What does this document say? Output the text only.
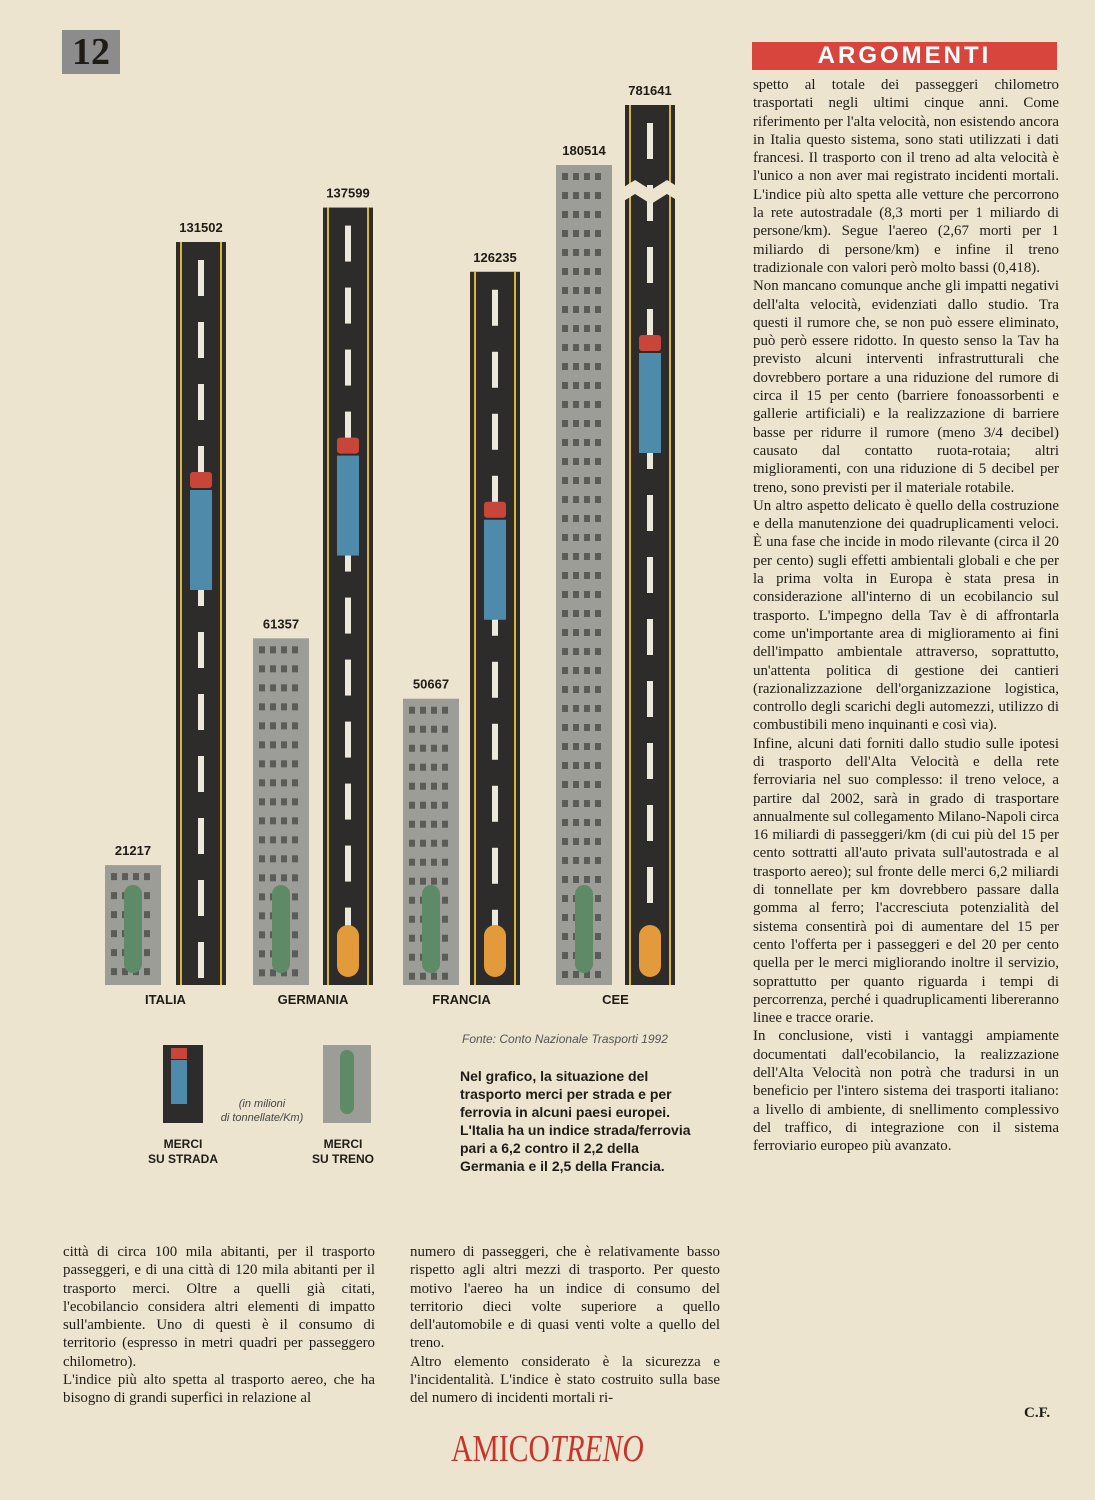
12	ARGOMENTI
21217
131502
ITALIA
61357
137599
GERMANIA
50667
126235
FRANCIA
180514
781641
CEE
MERCI
SU STRADA
MERCI
SU TRENO
(in milioni
di tonnellate/Km)
Fonte: Conto Nazionale Trasporti 1992
Nel grafico, la situazione del trasporto merci per strada e per ferrovia in alcuni paesi europei. L'Italia ha un indice strada/ferrovia pari a 6,2 contro il 2,2 della Germania e il 2,5 della Francia.

spetto al totale dei passeggeri chilometro trasportati negli ultimi cinque anni. Come riferimento per l'alta velocità, non esistendo ancora in Italia questo sistema, sono stati utilizzati i dati francesi. Il trasporto con il treno ad alta velocità è l'unico a non aver mai registrato incidenti mortali. L'indice più alto spetta alle vetture che percorrono la rete autostradale (8,3 morti per 1 miliardo di persone/km). Segue l'aereo (2,67 morti per 1 miliardo di persone/km) e infine il treno tradizionale con valori però molto bassi (0,418).

Non mancano comunque anche gli impatti negativi dell'alta velocità, evidenziati dallo studio. Tra questi il rumore che, se non può essere eliminato, può però essere ridotto. In questo senso la Tav ha previsto alcuni interventi infrastrutturali che dovrebbero portare a una riduzione del rumore di circa il 15 per cento (barriere fonoassorbenti e gallerie artificiali) e la realizzazione di barriere basse per ridurre il rumore (meno 3/4 decibel) causato dal contatto ruota-rotaia; altri miglioramenti, con una riduzione di 5 decibel per treno, sono previsti per il materiale rotabile.

Un altro aspetto delicato è quello della costruzione e della manutenzione dei quadruplicamenti veloci. È una fase che incide in modo rilevante (circa il 20 per cento) sugli effetti ambientali globali e che per la prima volta in Europa è stata presa in considerazione all'interno di un ecobilancio sul trasporto. L'impegno della Tav è di affrontarla come un'importante area di miglioramento ai fini dell'impatto ambientale attraverso, soprattutto, un'attenta politica di gestione dei cantieri (razionalizzazione dell'organizzazione logistica, controllo degli scarichi degli automezzi, utilizzo di combustibili meno inquinanti e così via).

Infine, alcuni dati forniti dallo studio sulle ipotesi di trasporto dell'Alta Velocità e della rete ferroviaria nel suo complesso: il treno veloce, a partire dal 2002, sarà in grado di trasportare annualmente sul collegamento Milano-Napoli circa 16 miliardi di passeggeri/km (di cui più del 15 per cento sottratti all'auto privata sull'autostrada e al trasporto aereo); sul fronte delle merci 6,2 miliardi di tonnellate per km dovrebbero passare dalla gomma al ferro; l'accresciuta potenzialità del sistema consentirà poi di aumentare del 15 per cento l'offerta per i passeggeri e del 20 per cento quella per le merci migliorando inoltre il servizio, soprattutto per quanto riguarda i tempi di percorrenza, perché i quadruplicamenti libereranno linee e tracce orarie.

In conclusione, visti i vantaggi ampiamente documentati dall'ecobilancio, la realizzazione dell'Alta Velocità non potrà che tradursi in un beneficio per l'intero sistema dei trasporti italiano: a livello di ambiente, di snellimento complessivo del traffico, di integrazione con il sistema ferroviario europeo più avanzato.

città di circa 100 mila abitanti, per il trasporto passeggeri, e di una città di 120 mila abitanti per il trasporto merci. Oltre a quelli già citati, l'ecobilancio considera altri elementi di impatto sull'ambiente. Uno di questi è il consumo di territorio (espresso in metri quadri per passeggero chilometro).

L'indice più alto spetta al trasporto aereo, che ha bisogno di grandi superfici in relazione al

numero di passeggeri, che è relativamente basso rispetto agli altri mezzi di trasporto. Per questo motivo l'aereo ha un indice di consumo del territorio dieci volte superiore a quello dell'automobile e di quasi venti volte a quello del treno.

Altro elemento considerato è la sicurezza e l'incidentalità. L'indice è stato costruito sulla base del numero di incidenti mortali ri-

C.F.
AMICOTRENO
